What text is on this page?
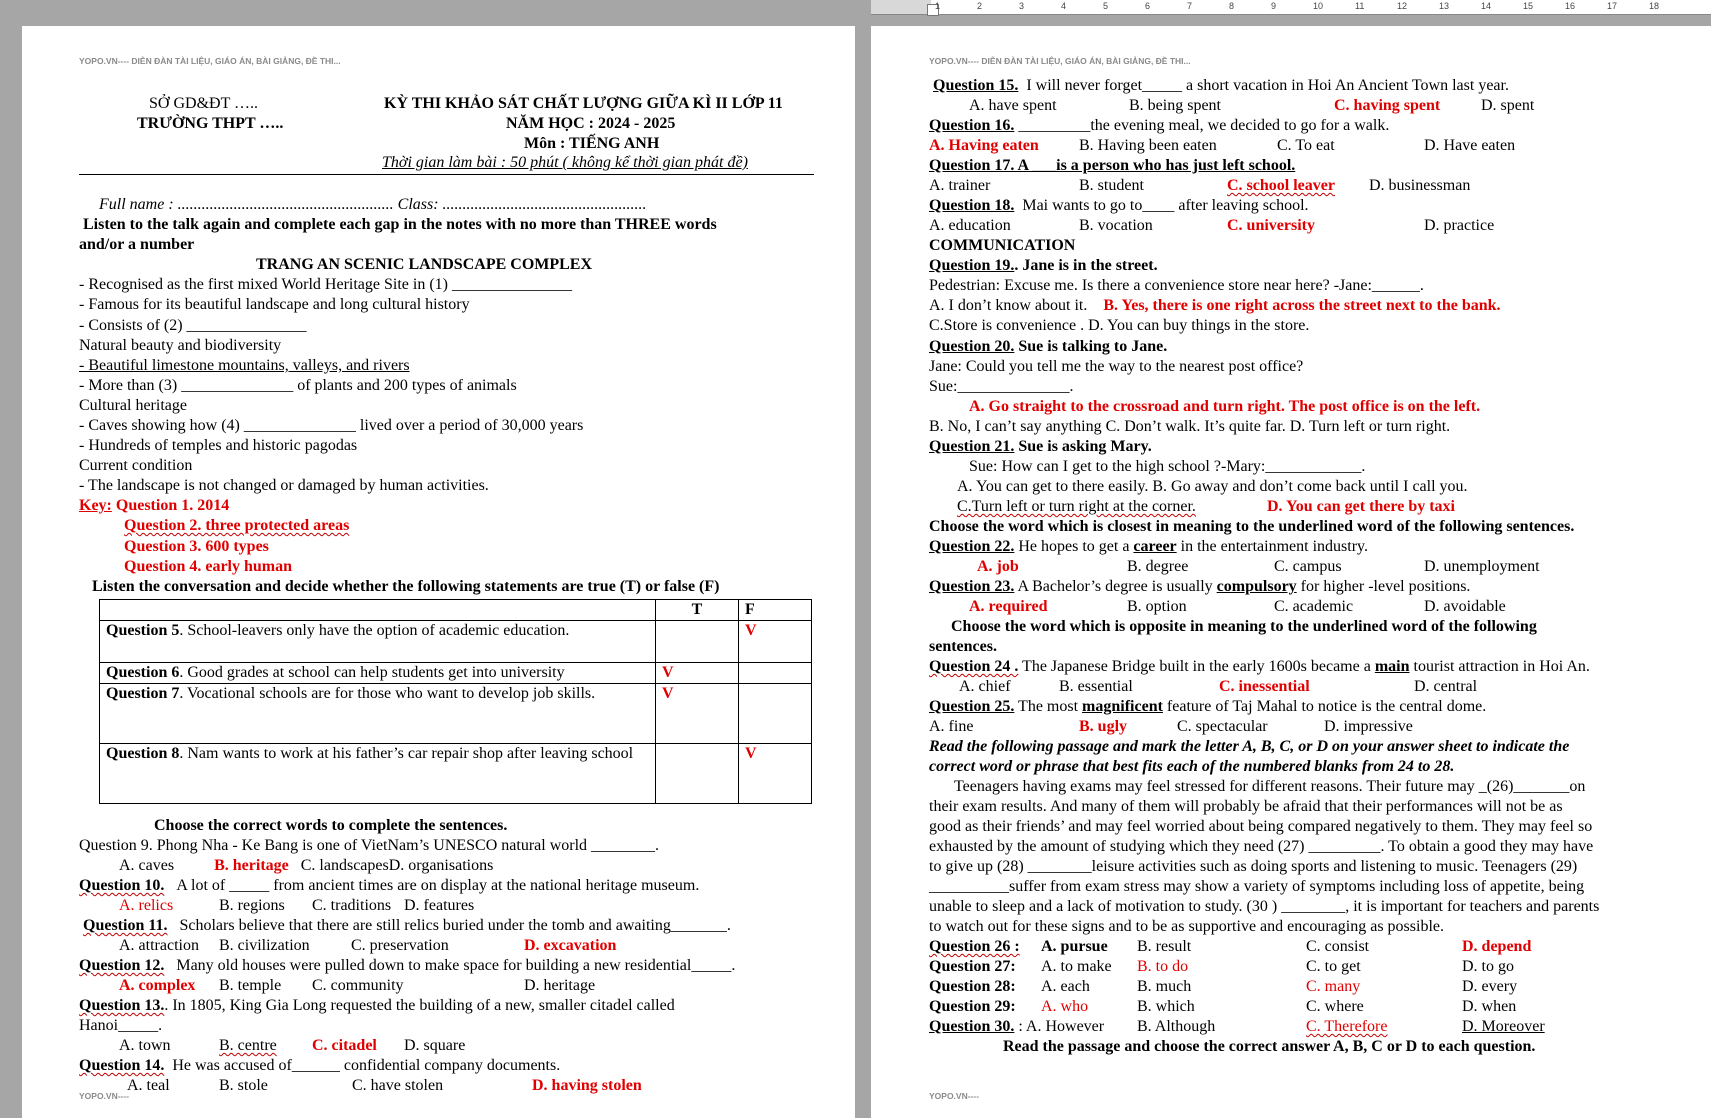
1	2	3	4	5	6	7	8	9	10	11	12	13	14	15	16	17	18
YOPO.VN---- DIỄN ĐÀN TÀI LIỆU, GIÁO ÁN, BÀI GIẢNG, ĐỀ THI...
SỞ GD&ĐT …..
TRƯỜNG THPT …..
KỲ THI KHẢO SÁT CHẤT LƯỢNG GIỮA KÌ II LỚP 11
NĂM HỌC : 2024 - 2025
Môn : TIẾNG ANH
Thời gian làm bài : 50 phút ( không kể thời gian phát đề)
Full name : ...................................................... Class: ...................................................
Listen to the talk again and complete each gap in the notes with no more than THREE words
and/or a number
TRANG AN SCENIC LANDSCAPE COMPLEX
- Recognised as the first mixed World Heritage Site in (1) _______________
- Famous for its beautiful landscape and long cultural history
- Consists of (2) _______________
Natural beauty and biodiversity
- Beautiful limestone mountains, valleys, and rivers
- More than (3) ______________ of plants and 200 types of animals
Cultural heritage
- Caves showing how (4) ______________ lived over a period of 30,000 years
- Hundreds of temples and historic pagodas
Current condition
- The landscape is not changed or damaged by human activities.
Key: Question 1. 2014
Question 2. three protected areas
Question 3. 600 types
Question 4. early human
Listen the conversation and decide whether the following statements are true (T) or false (F)
	T	F
Question 5. School-leavers only have the option of academic education.		V
Question 6. Good grades at school can help students get into university	V	
Question 7. Vocational schools are for those who want to develop job skills.	V	
Question 8. Nam wants to work at his father’s car repair shop after leaving school		V
Choose the correct words to complete the sentences.
Question 9. Phong Nha - Ke Bang is one of VietNam’s UNESCO natural world ________.
A. caves	B. heritage C. landscapesD. organisations
Question 10. A lot of _____ from ancient times are on display at the national heritage museum.
A. relics	B. regions C. traditions D. features
Question 11. Scholars believe that there are still relics buried under the tomb and awaiting_______.
A. attraction B. civilization	C. preservation	D. excavation
Question 12. Many old houses were pulled down to make space for building a new residential_____.
A. complex B. temple C. community	D. heritage
Question 13.. In 1805, King Gia Long requested the building of a new, smaller citadel called
Hanoi_____.
A. town	B. centre C. citadel D. square
Question 14. He was accused of______ confidential company documents.
A. teal	B. stole	C. have stolen	D. having stolen
YOPO.VN----
YOPO.VN---- DIỄN ĐÀN TÀI LIỆU, GIÁO ÁN, BÀI GIẢNG, ĐỀ THI...
Question 15. I will never forget_____ a short vacation in Hoi An Ancient Town last year.
A. have spent	B. being spent	C. having spent	D. spent
Question 16. _________the evening meal, we decided to go for a walk.
A. Having eaten	B. Having been eaten	C. To eat	D. Have eaten
Question 17. A ___is a person who has just left school.
A. trainer	B. student	C. school leaver D. businessman
Question 18. Mai wants to go to____ after leaving school.
A. education	B. vocation	C. university	D. practice
COMMUNICATION
Question 19.. Jane is in the street.
Pedestrian: Excuse me. Is there a convenience store near here? -Jane:______.
A. I don’t know about it. B. Yes, there is one right across the street next to the bank.
C.Store is convenience . D. You can buy things in the store.
Question 20. Sue is talking to Jane.
Jane: Could you tell me the way to the nearest post office?
Sue:______________.
A. Go straight to the crossroad and turn right. The post office is on the left.
B. No, I can’t say anything C. Don’t walk. It’s quite far. D. Turn left or turn right.
Question 21. Sue is asking Mary.
Sue: How can I get to the high school ?-Mary:____________.
A. You can get to there easily. B. Go away and don’t come back until I call you.
C.Turn left or turn right at the corner.	D. You can get there by taxi
Choose the word which is closest in meaning to the underlined word of the following sentences.
Question 22. He hopes to get a career in the entertainment industry.
A. job	B. degree	C. campus	D. unemployment
Question 23. A Bachelor’s degree is usually compulsory for higher -level positions.
A. required	B. option	C. academic	D. avoidable
Choose the word which is opposite in meaning to the underlined word of the following
sentences.
Question 24 . The Japanese Bridge built in the early 1600s became a main tourist attraction in Hoi An.
A. chief	B. essential	C. inessential	D. central
Question 25. The most magnificent feature of Taj Mahal to notice is the central dome.
A. fine	B. ugly	C. spectacular	D. impressive
Read the following passage and mark the letter A, B, C, or D on your answer sheet to indicate the
correct word or phrase that best fits each of the numbered blanks from 24 to 28.
Teenagers having exams may feel stressed for different reasons. Their future may _(26)_______on
their exam results. And many of them will probably be afraid that their performances will not be as
good as their friends’ and may feel worried about being compared negatively to them. They may feel so
exhausted by the amount of studying which they need (27) _________. To obtain a good they may have
to give up (28) ________leisure activities such as doing sports and listening to music. Teenagers (29)
__________suffer from exam stress may show a variety of symptoms including loss of appetite, being
unable to sleep and a lack of motivation to study. (30 ) ________, it is important for teachers and parents
to watch out for these signs and to be as supportive and encouraging as possible.
Question 26 : A. pursue B. result	C. consist	D. depend
Question 27: A. to make B. to do	C. to get	D. to go
Question 28: A. each	B. much	C. many	D. every
Question 29: A. who	B. which	C. where	D. when
Question 30. : A. However B. Although	C. Therefore	D. Moreover
Read the passage and choose the correct answer A, B, C or D to each question.
YOPO.VN----
